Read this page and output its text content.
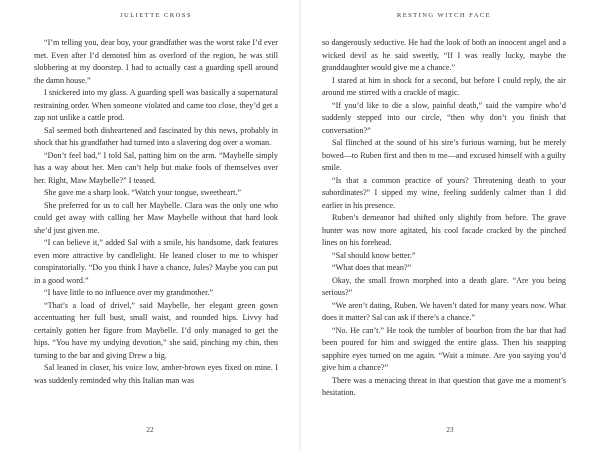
JULIETTE CROSS

“I’m telling you, dear boy, your grandfather was the worst rake I’d ever met. Even after I’d demoted him as overlord of the region, he was still slobbering at my doorstep. I had to actually cast a guarding spell around the damn house.”

I snickered into my glass. A guarding spell was basically a supernatural restraining order. When someone violated and came too close, they’d get a zap not unlike a cattle prod.

Sal seemed both disheartened and fascinated by this news, probably in shock that his grandfather had turned into a slavering dog over a woman.

“Don’t feel bad,” I told Sal, patting him on the arm. “Maybelle simply has a way about her. Men can’t help but make fools of themselves over her. Right, Maw Maybelle?” I teased.

She gave me a sharp look. “Watch your tongue, sweetheart.”

She preferred for us to call her Maybelle. Clara was the only one who could get away with calling her Maw Maybelle without that hard look she’d just given me.

“I can believe it,” added Sal with a smile, his handsome, dark features even more attractive by candlelight. He leaned closer to me to whisper conspiratorially. “Do you think I have a chance, Jules? Maybe you can put in a good word.”

“I have little to no influence over my grandmother.”

“That’s a load of drivel,” said Maybelle, her elegant green gown accentuating her full bust, small waist, and rounded hips. Livvy had certainly gotten her figure from Maybelle. I’d only managed to get the hips. “You have my undying devotion,” she said, pinching my chin, then turning to the bar and giving Drew a big.

Sal leaned in closer, his voice low, amber-brown eyes fixed on mine. I was suddenly reminded why this Italian man was

22
RESTING WITCH FACE

so dangerously seductive. He had the look of both an innocent angel and a wicked devil as he said sweetly, “If I was really lucky, maybe the granddaughter would give me a chance.”

I stared at him in shock for a second, but before I could reply, the air around me stirred with a crackle of magic.

“If you’d like to die a slow, painful death,” said the vampire who’d suddenly stepped into our circle, “then why don’t you finish that conversation?”

Sal flinched at the sound of his sire’s furious warning, but he merely bowed—to Ruben first and then to me—and excused himself with a guilty smile.

“Is that a common practice of yours? Threatening death to your subordinates?” I sipped my wine, feeling suddenly calmer than I did earlier in his presence.

Ruben’s demeanor had shifted only slightly from before. The grave hunter was now more agitated, his cool facade cracked by the pinched lines on his forehead.

“Sal should know better.”

“What does that mean?”

Okay, the small frown morphed into a death glare. “Are you being serious?”

“We aren’t dating, Ruben. We haven’t dated for many years now. What does it matter? Sal can ask if there’s a chance.”

“No. He can’t.” He took the tumbler of bourbon from the bar that had been poured for him and swigged the entire glass. Then his snapping sapphire eyes turned on me again. “Wait a minute. Are you saying you’d give him a chance?”

There was a menacing threat in that question that gave me a moment’s hesitation.

23
